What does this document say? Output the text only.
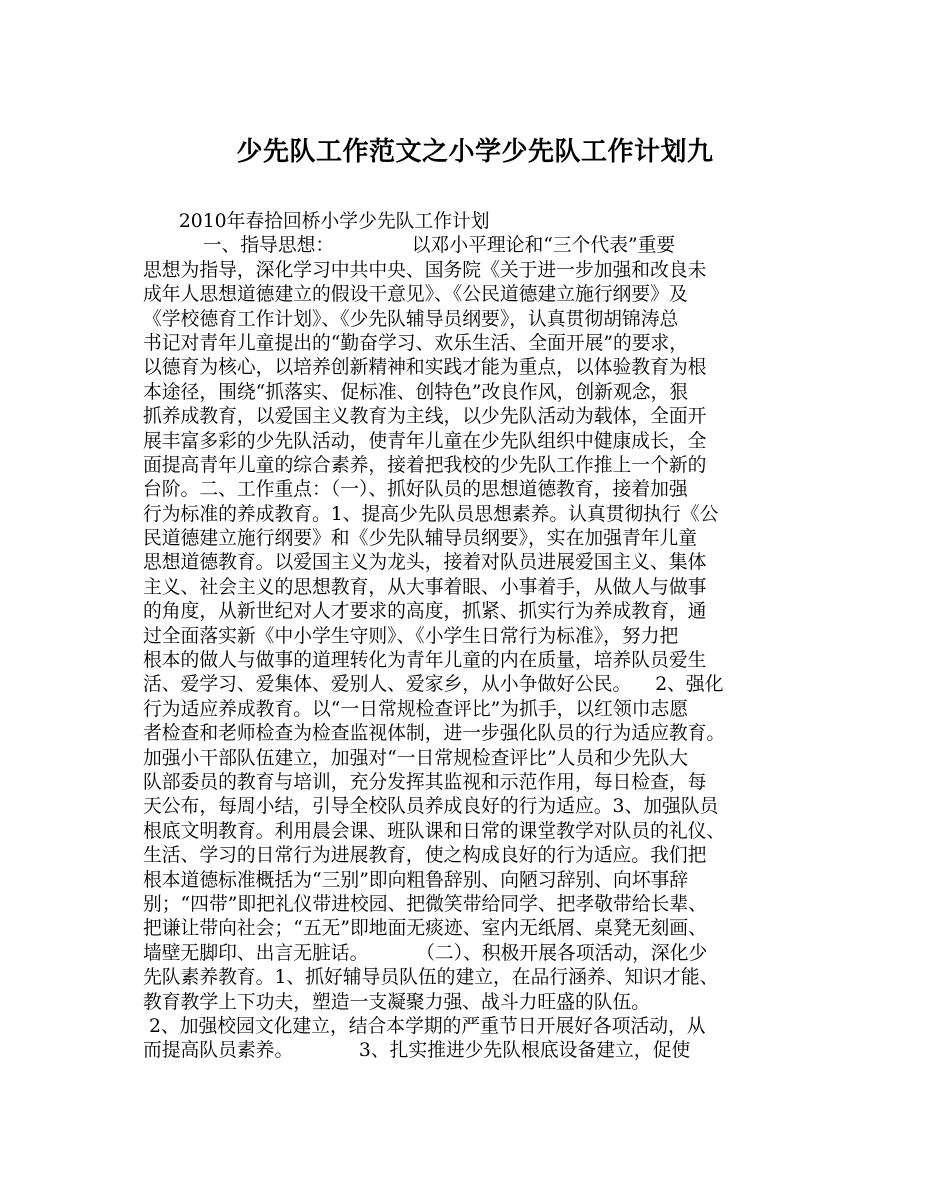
少先队工作范文之小学少先队工作计划九
2010年春拾回桥小学少先队工作计划
一、指导思想：             以邓小平理论和“三个代表”重要
思想为指导，深化学习中共中央、国务院《关于进一步加强和改良未
成年人思想道德建立的假设干意见》、《公民道德建立施行纲要》及
《学校德育工作计划》、《少先队辅导员纲要》，认真贯彻胡锦涛总
书记对青年儿童提出的“勤奋学习、欢乐生活、全面开展”的要求，
以德育为核心，以培养创新精神和实践才能为重点，以体验教育为根
本途径，围绕“抓落实、促标准、创特色”改良作风，创新观念，狠
抓养成教育，以爱国主义教育为主线，以少先队活动为载体，全面开
展丰富多彩的少先队活动，使青年儿童在少先队组织中健康成长，全
面提高青年儿童的综合素养，接着把我校的少先队工作推上一个新的
台阶。二、工作重点：（一）、抓好队员的思想道德教育，接着加强
行为标准的养成教育。1、提高少先队员思想素养。认真贯彻执行《公
民道德建立施行纲要》和《少先队辅导员纲要》，实在加强青年儿童
思想道德教育。以爱国主义为龙头，接着对队员进展爱国主义、集体
主义、社会主义的思想教育，从大事着眼、小事着手，从做人与做事
的角度，从新世纪对人才要求的高度，抓紧、抓实行为养成教育，通
过全面落实新《中小学生守则》、《小学生日常行为标准》，努力把
根本的做人与做事的道理转化为青年儿童的内在质量，培养队员爱生
活、爱学习、爱集体、爱别人、爱家乡，从小争做好公民。    2、强化
行为适应养成教育。以“一日常规检查评比”为抓手，以红领巾志愿
者检查和老师检查为检查监视体制，进一步强化队员的行为适应教育。
加强小干部队伍建立，加强对“一日常规检查评比”人员和少先队大
队部委员的教育与培训，充分发挥其监视和示范作用，每日检查，每
天公布，每周小结，引导全校队员养成良好的行为适应。3、加强队员
根底文明教育。利用晨会课、班队课和日常的课堂教学对队员的礼仪、
生活、学习的日常行为进展教育，使之构成良好的行为适应。我们把
根本道德标准概括为“三别”即向粗鲁辞别、向陋习辞别、向坏事辞
别；“四带”即把礼仪带进校园、把微笑带给同学、把孝敬带给长辈、
把谦让带向社会；“五无”即地面无痰迹、室内无纸屑、桌凳无刻画、
墙壁无脚印、出言无脏话。        （二）、积极开展各项活动，深化少
先队素养教育。1、抓好辅导员队伍的建立，在品行涵养、知识才能、
教育教学上下功夫，塑造一支凝聚力强、战斗力旺盛的队伍。
2、加强校园文化建立，结合本学期的严重节日开展好各项活动，从
而提高队员素养。           3、扎实推进少先队根底设备建立，促使
